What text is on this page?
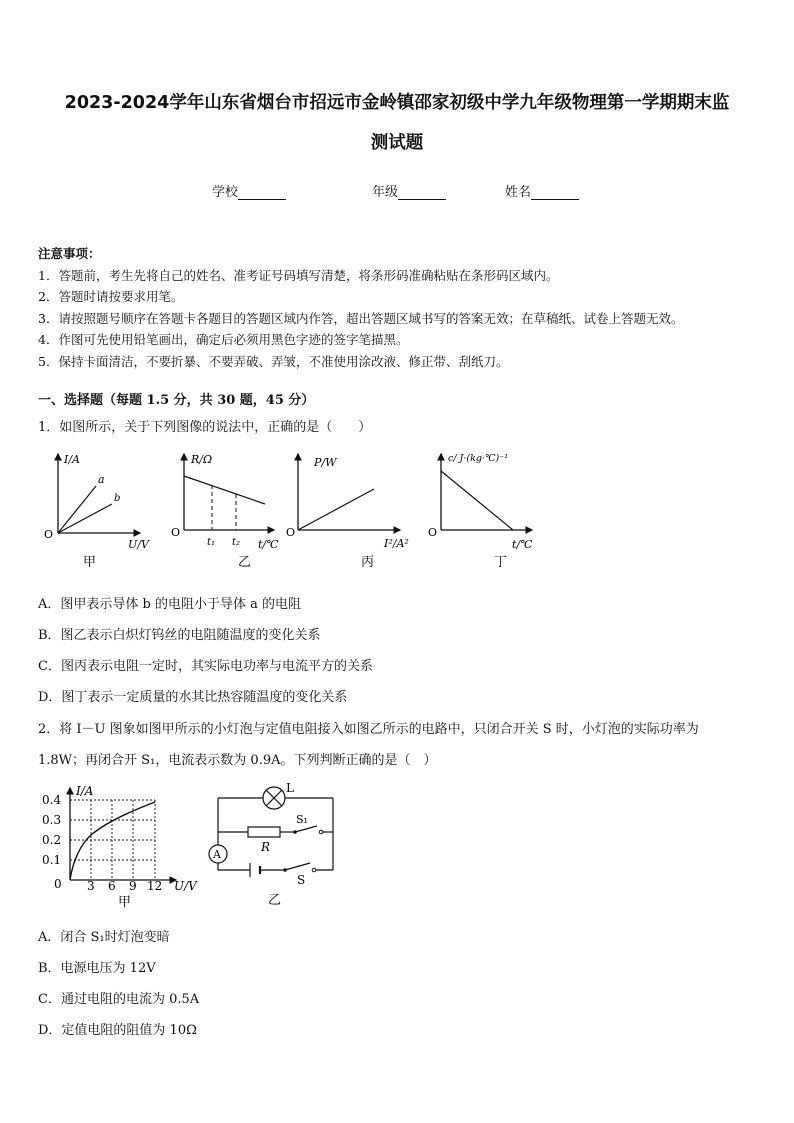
2023-2024学年山东省烟台市招远市金岭镇邵家初级中学九年级物理第一学期期末监
测试题
学校	年级	姓名
注意事项：
1．答题前，考生先将自己的姓名、准考证号码填写清楚，将条形码准确粘贴在条形码区域内。
2．答题时请按要求用笔。
3．请按照题号顺序在答题卡各题目的答题区域内作答，超出答题区域书写的答案无效；在草稿纸、试卷上答题无效。
4．作图可先使用铅笔画出，确定后必须用黑色字迹的签字笔描黑。
5．保持卡面清洁，不要折暴、不要弄破、弄皱，不准使用涂改液、修正带、刮纸刀。
一、选择题（每题 1.5 分，共 30 题，45 分）
1．如图所示，关于下列图像的说法中，正确的是（　　）
I/A
U/V
O
a
b
甲
R/Ω
t/℃
O
t₁ t₂
乙
P/W
I²/A²
O
丙
c/ J·(kg·℃)⁻¹
t/℃
O
丁
A．图甲表示导体 b 的电阻小于导体 a 的电阻
B．图乙表示白炽灯钨丝的电阻随温度的变化关系
C．图丙表示电阻一定时，其实际电功率与电流平方的关系
D．图丁表示一定质量的水其比热容随温度的变化关系
2．将 I－U 图象如图甲所示的小灯泡与定值电阻接入如图乙所示的电路中，只闭合开关 S 时，小灯泡的实际功率为
1.8W；再闭合开 S₁，电流表示数为 0.9A。下列判断正确的是（　）
I/A
U/V
0
0.1
0.2
0.3
0.4
3 6 9 12
甲
A
L
R
S₁
S
乙
A．闭合 S₁时灯泡变暗
B．电源电压为 12V
C．通过电阻的电流为 0.5A
D．定值电阻的阻值为 10Ω
